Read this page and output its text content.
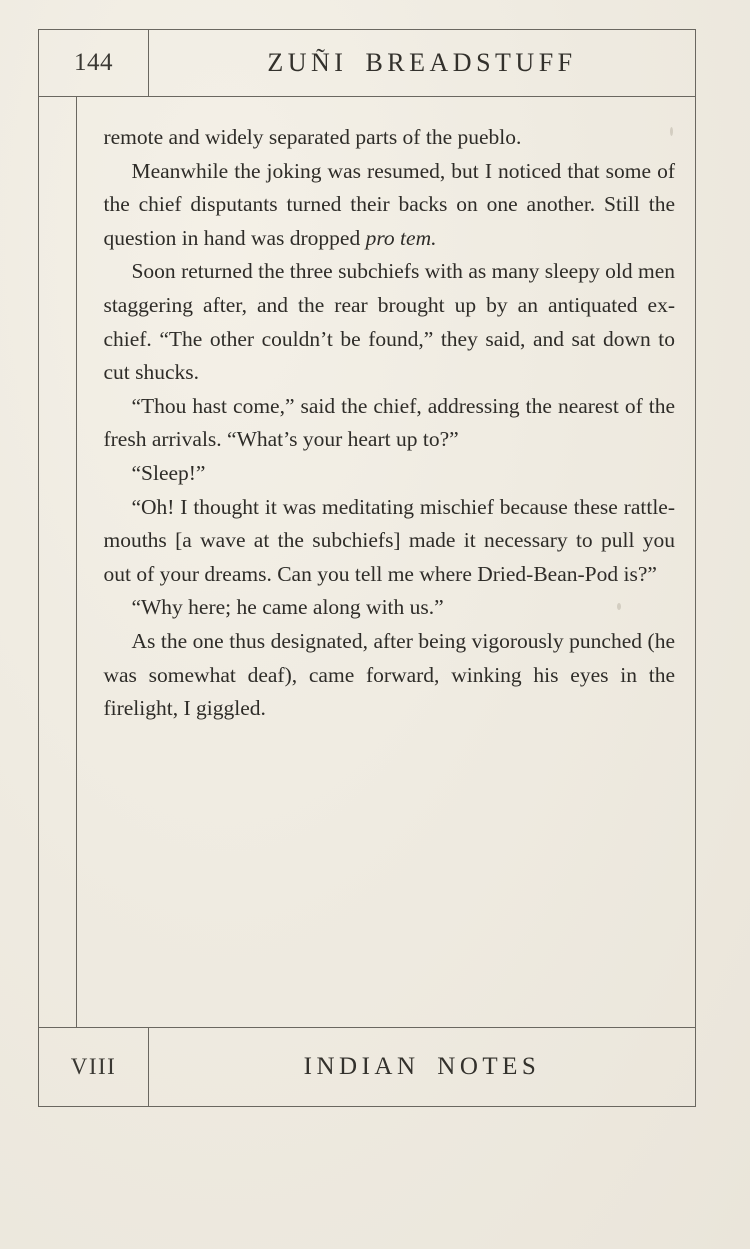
144	ZUÑI BREADSTUFF

remote and widely separated parts of the pueblo.

Meanwhile the joking was resumed, but I noticed that some of the chief disputants turned their backs on one another. Still the question in hand was dropped pro tem.

Soon returned the three subchiefs with as many sleepy old men staggering after, and the rear brought up by an antiquated ex-chief. “The other couldn’t be found,” they said, and sat down to cut shucks.

“Thou hast come,” said the chief, addressing the nearest of the fresh arrivals. “What’s your heart up to?”

“Sleep!”

“Oh! I thought it was meditating mischief because these rattle-mouths [a wave at the subchiefs] made it necessary to pull you out of your dreams. Can you tell me where Dried-Bean-Pod is?”

“Why here; he came along with us.”

As the one thus designated, after being vigorously punched (he was somewhat deaf), came forward, winking his eyes in the firelight, I giggled.

VIII	INDIAN NOTES
